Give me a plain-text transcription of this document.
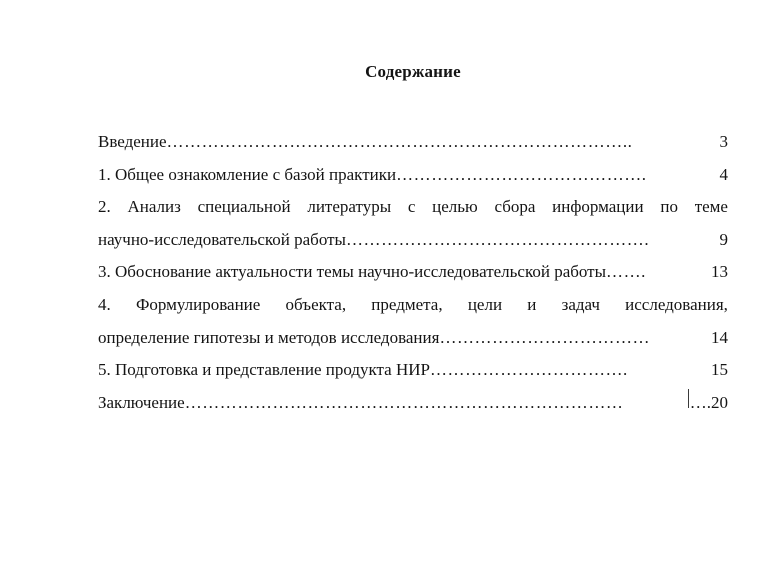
Содержание
Введение ……………………………………………………………………..	3
1. Общее ознакомление с базой практики …………………………………….	4
2. Анализ специальной литературы с целью сбора информации по теме
научно-исследовательской работы …………………………………………….	9
3. Обоснование актуальности темы научно-исследовательской работы …….	13
4. Формулирование объекта, предмета, цели и задач исследования,
определение гипотезы и методов исследования ………………………………	14
5. Подготовка и представление продукта НИР …………………………….	15
Заключение …………………………………………………………………	…. 20
